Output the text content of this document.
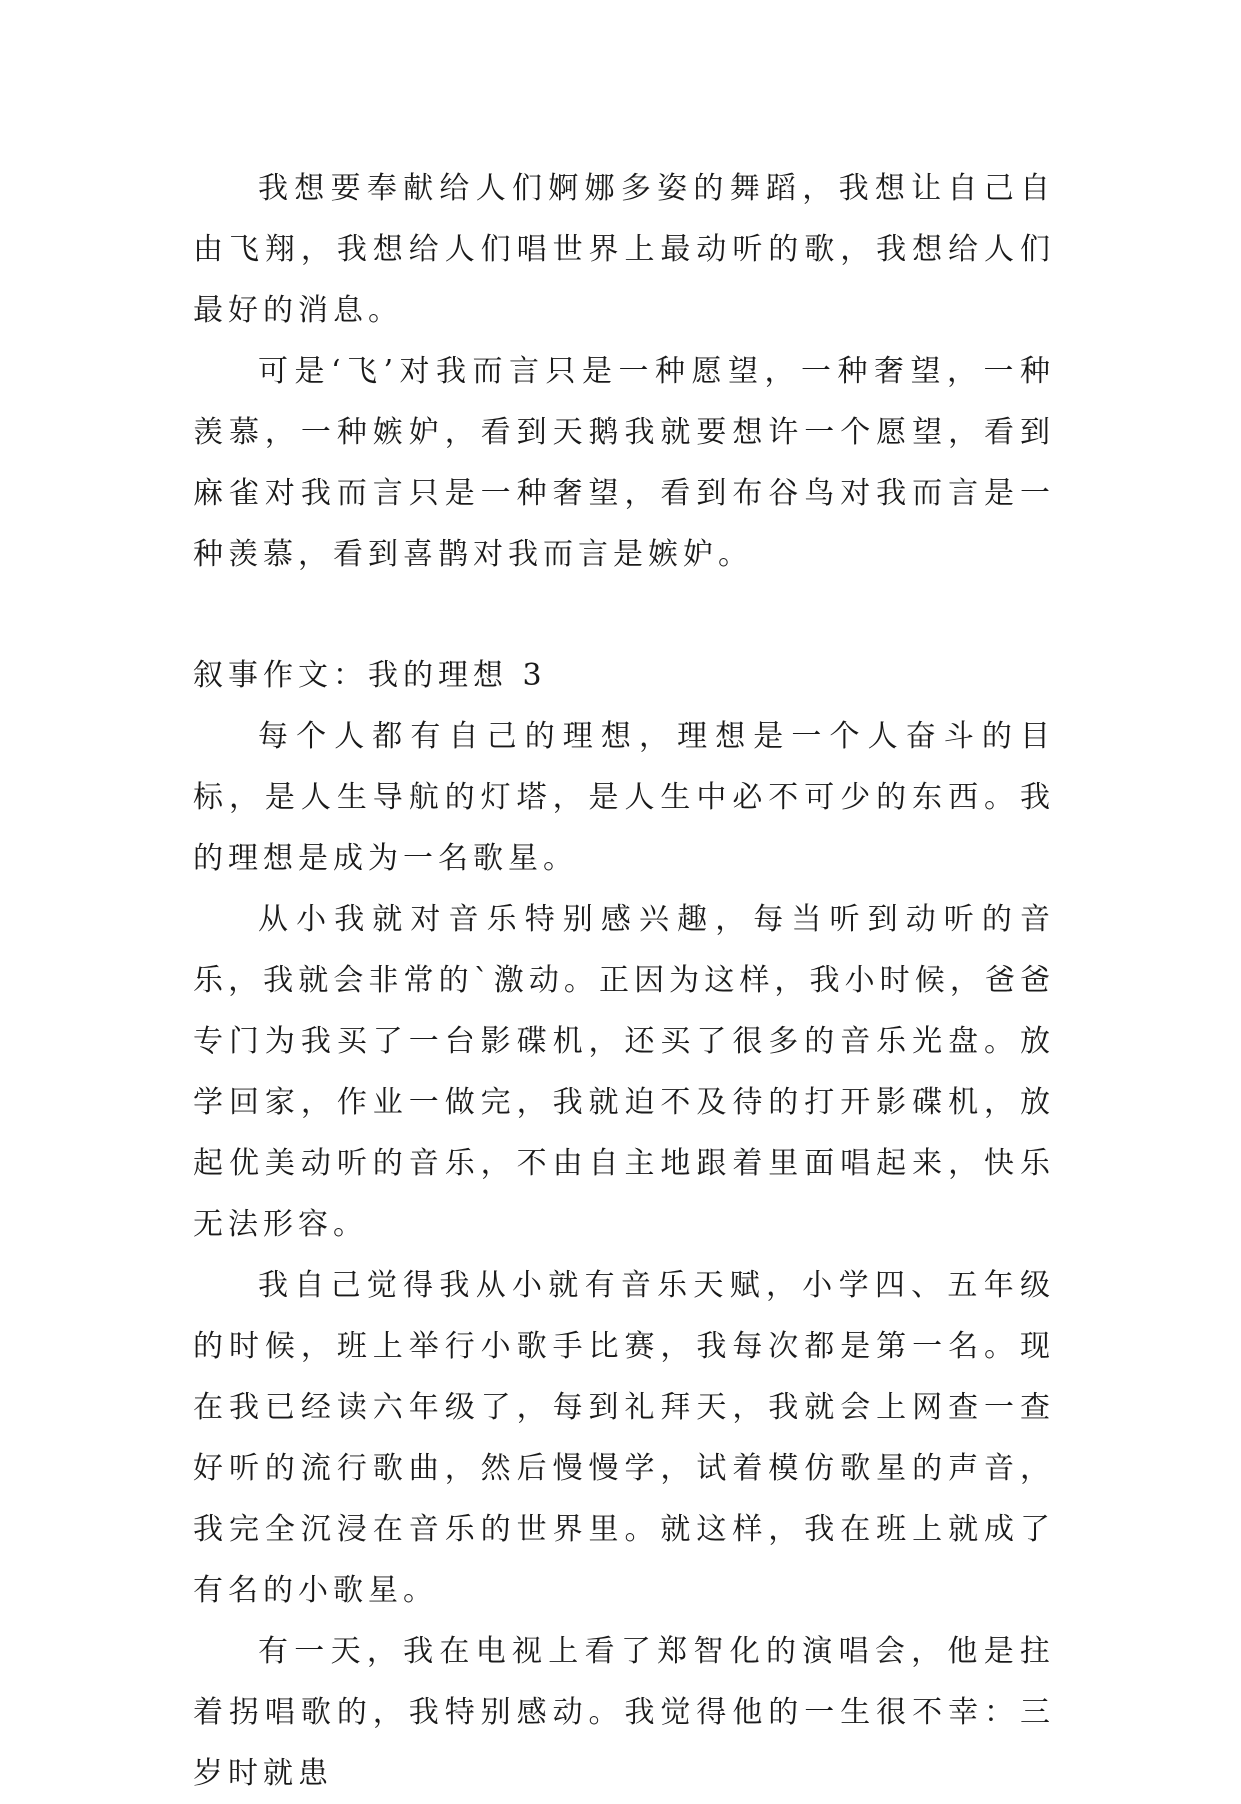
我想要奉献给人们婀娜多姿的舞蹈，我想让自己自由飞翔，我想给人们唱世界上最动听的歌，我想给人们最好的消息。

可是‘飞’对我而言只是一种愿望，一种奢望，一种羡慕，一种嫉妒，看到天鹅我就要想许一个愿望，看到麻雀对我而言只是一种奢望，看到布谷鸟对我而言是一种羡慕，看到喜鹊对我而言是嫉妒。

叙事作文：我的理想 3

每个人都有自己的理想，理想是一个人奋斗的目标，是人生导航的灯塔，是人生中必不可少的东西。我的理想是成为一名歌星。

从小我就对音乐特别感兴趣，每当听到动听的音乐，我就会非常的`激动。正因为这样，我小时候，爸爸专门为我买了一台影碟机，还买了很多的音乐光盘。放学回家，作业一做完，我就迫不及待的打开影碟机，放起优美动听的音乐，不由自主地跟着里面唱起来，快乐无法形容。

我自己觉得我从小就有音乐天赋，小学四、五年级的时候，班上举行小歌手比赛，我每次都是第一名。现在我已经读六年级了，每到礼拜天，我就会上网查一查好听的流行歌曲，然后慢慢学，试着模仿歌星的声音，我完全沉浸在音乐的世界里。就这样，我在班上就成了有名的小歌星。

有一天，我在电视上看了郑智化的演唱会，他是拄着拐唱歌的，我特别感动。我觉得他的一生很不幸：三岁时就患
